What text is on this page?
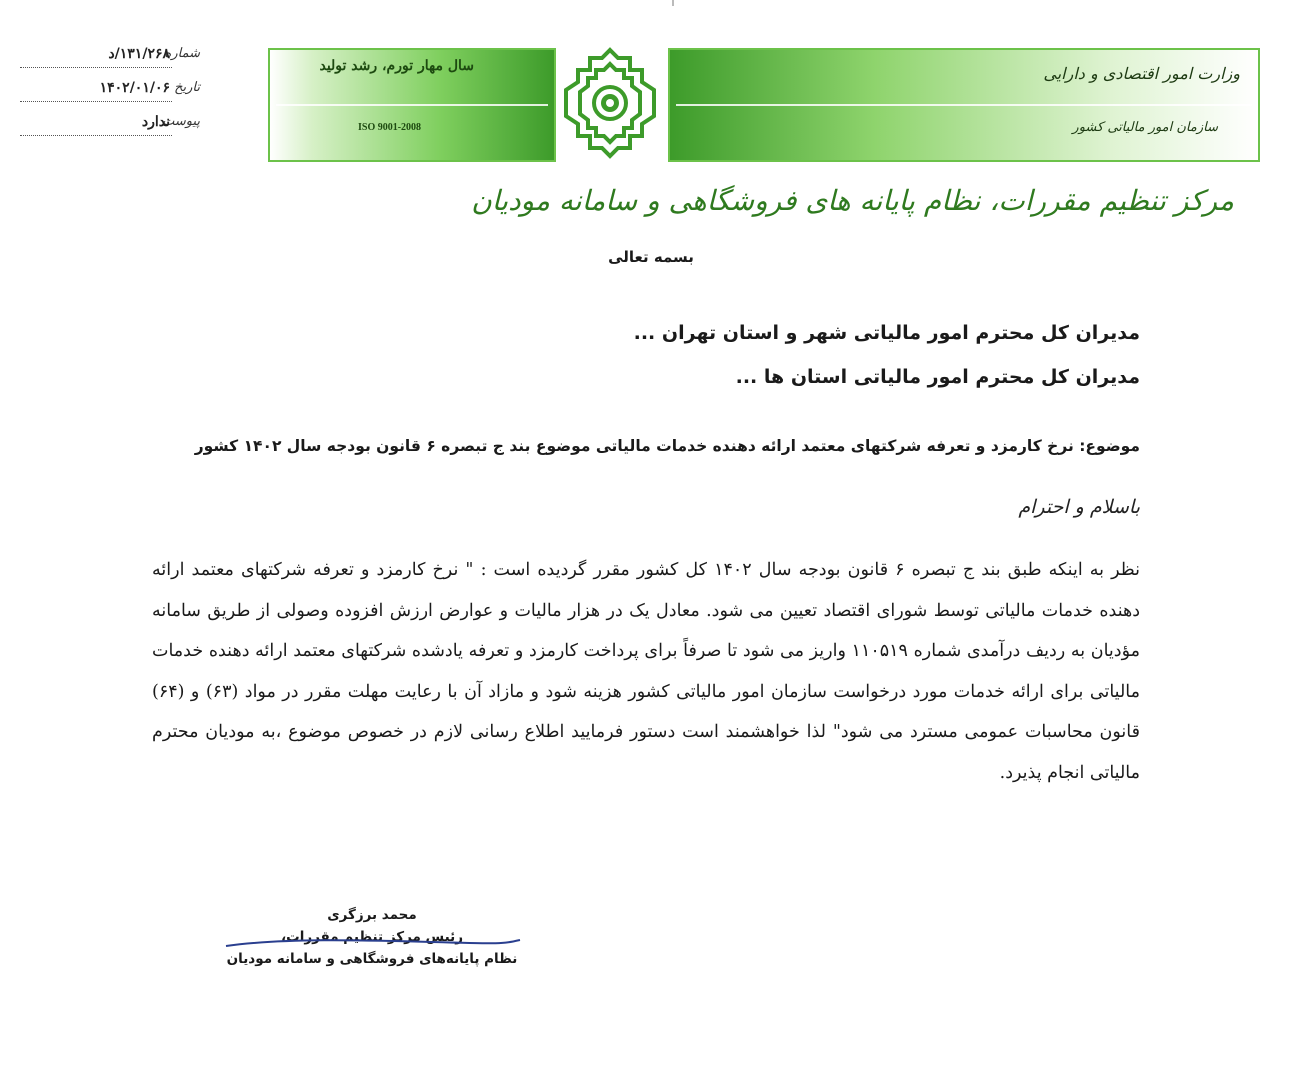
شماره
۱۳۱/۲۶۸/د
تاریخ
۱۴۰۲/۰۱/۰۶
پیوست
ندارد
سال مهار تورم، رشد تولید
ISO 9001-2008
وزارت امور اقتصادی و دارایی
سازمان امور مالیاتی کشور
مرکز تنظیم مقررات، نظام پایانه های فروشگاهی و سامانه مودیان
بسمه تعالی
مدیران کل محترم امور مالیاتی شهر و استان تهران ...
مدیران کل محترم امور مالیاتی استان ها ...
موضوع: نرخ کارمزد و تعرفه شرکتهای معتمد ارائه دهنده خدمات مالیاتی موضوع بند ج تبصره ۶ قانون بودجه سال ۱۴۰۲ کشور
باسلام و احترام
نظر به اینکه طبق بند ج تبصره ۶ قانون بودجه سال ۱۴۰۲ کل کشور مقرر گردیده است : " نرخ کارمزد و تعرفه شرکتهای معتمد ارائه دهنده خدمات مالیاتی توسط شورای اقتصاد تعیین می شود. معادل یک در هزار مالیات و عوارض ارزش افزوده وصولی از طریق سامانه مؤدیان به ردیف درآمدی شماره ۱۱۰۵۱۹ واریز می شود تا صرفاً برای پرداخت کارمزد و تعرفه یادشده شرکتهای معتمد ارائه دهنده خدمات مالیاتی برای ارائه خدمات مورد درخواست سازمان امور مالیاتی کشور هزینه شود و مازاد آن با رعایت مهلت مقرر در مواد (۶۳) و (۶۴) قانون محاسبات عمومی مسترد می شود" لذا خواهشمند است دستور فرمایید اطلاع رسانی لازم در خصوص موضوع ،به مودیان محترم مالیاتی انجام پذیرد.
محمد برزگری
رئیس مرکز تنظیم مقررات،
نظام پایانه‌های فروشگاهی و سامانه مودیان
